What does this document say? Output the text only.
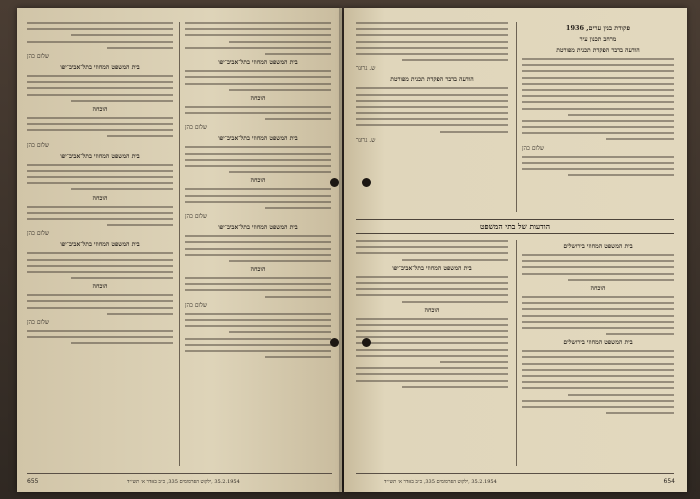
בית המשפט המחוזי בתל־אביב־יפו
הוכחה
שלום כהן
בית המשפט המחוזי בתל־אביב־יפו
הוכחה
שלום כהן
בית המשפט המחוזי בתל־אביב־יפו
הוכחה
שלום כהן
שלום כהן
בית המשפט המחוזי בתל־אביב־יפו
הוכחה
שלום כהן
בית המשפט המחוזי בתל־אביב־יפו
הוכחה
שלום כהן
בית המשפט המחוזי בתל־אביב־יפו
הוכחה
שלום כהן
655	35.2.1954 ,ילקוט הפרסומים 335, כ״ב באדר א׳ תשי״ד
פקודת בנין ערים, 1936
מרחב תכנון עיר
הודעה בדבר הפקדת תכנית מפורטת
שלום כהן
ש. גרונר
הודעה בדבר הפקדת תכנית מפורטת
ש. גרונר
הודעות של בתי המשפט
בית המשפט המחוזי בירושלים
הוכחה
בית המשפט המחוזי בירושלים
בית המשפט המחוזי בתל־אביב־יפו
הוכחה
654
35.2.1954 ,ילקוט הפרסומים 335, כ״ב באדר א׳ תשי״ד
